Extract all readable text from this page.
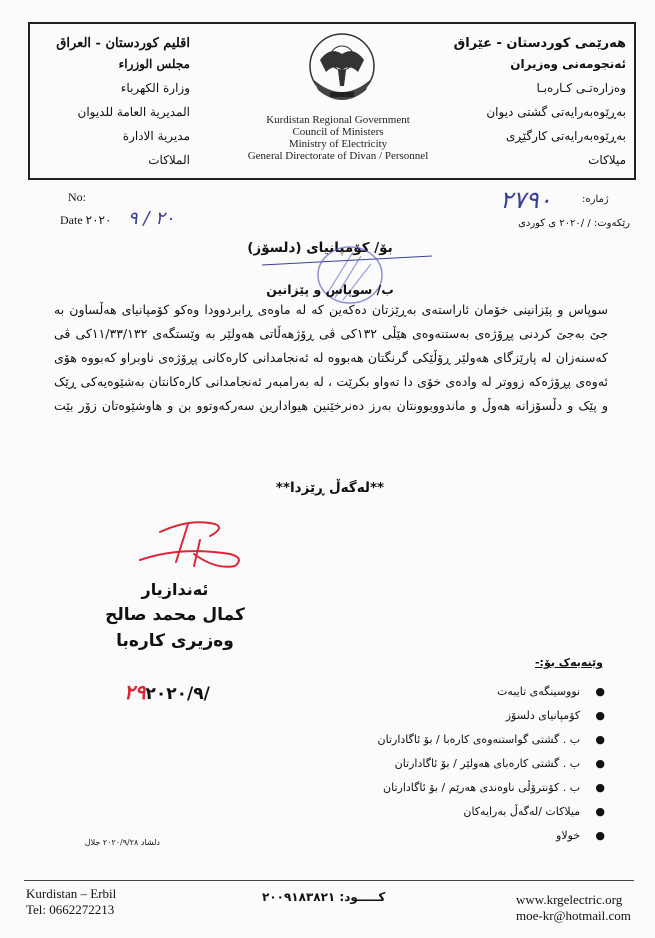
اقليم كوردستان - العراق
مجلس الوزراء
وزارة الكهرباء
المديرية العامة للديوان
مديرية الادارة
الملاكات
Kurdistan Regional Government
Council of Ministers
Ministry of Electricity
General Directorate of Divan / Personnel
هەرێمی کوردستان - عێراق
ئەنجومەنی وەزیران
وەزارەتـی کـارەبـا
بەڕێوەبەرایەتی گشتی دیوان
بەڕێوەبەرایەتی کارگێڕی
میلاکات
No:
Date ٢٠٢٠ ٢٠ / ٩
ژمارە:
٢٧٩٠
رێکەوت: / /٢٠٢٠ ی کوردی
بۆ/ کۆمپانیای (دلسۆز)
ب/ سوپاس و پێزانین
سوپاس و پێزانینی خۆمان ئاراستەی بەڕێزتان دەکەین کە لە ماوەی ڕابردوودا وەکو کۆمپانیای هەڵساون بە
جێ بەجێ کردنی پڕۆژەی بەستنەوەی هێڵی ١٣٢کی ڤی ڕۆژهەڵاتی هەولێر بە وێستگەی ١١/٣٣/١٣٢کی ڤی
کەسنەزان لە پارێزگای هەولێر ڕۆڵێکی گرنگتان هەبووە لە ئەنجامدانی کارەکانی پڕۆژەی ناوبراو کەبووە هۆی
ئەوەی پڕۆژەکە زووتر لە وادەی خۆی دا تەواو بکرێت ، لە بەرامبەر ئەنجامدانی کارەکانتان بەشێوەیەکی ڕێک
و پێک و دڵسۆزانە هەوڵ و ماندووبوونتان بەرز دەنرخێنین هیوادارین سەرکەوتوو بن و هاوشێوەتان زۆر بێت
**لەگەڵ ڕێزدا**
ئەندازیار
کمال محمد صالح
وەزیری کارەبا
٢٩٢٠٢٠/٩/
وێنەیەک بۆ:-
●   نووسینگەی تایبەت
●   کۆمپانیای دلسۆز
●   ب . گشتی گواستنەوەی کارەبا / بۆ ئاگادارتان
●   ب . گشتی کارەبای هەولێر / بۆ ئاگادارتان
●   ب . کۆنترۆڵی ناوەندی هەرێم / بۆ ئاگادارتان
●   میلاکات /لەگەڵ بەرایەکان
●   خولاو
دلشاد ٢٠٢٠/٩/٢٨ جلال
Kurdistan – Erbil
Tel: 0662272213
كـــــود: ٢٠٠٩١٨٣٨٢١	www.krgelectric.org
moe-kr@hotmail.com
